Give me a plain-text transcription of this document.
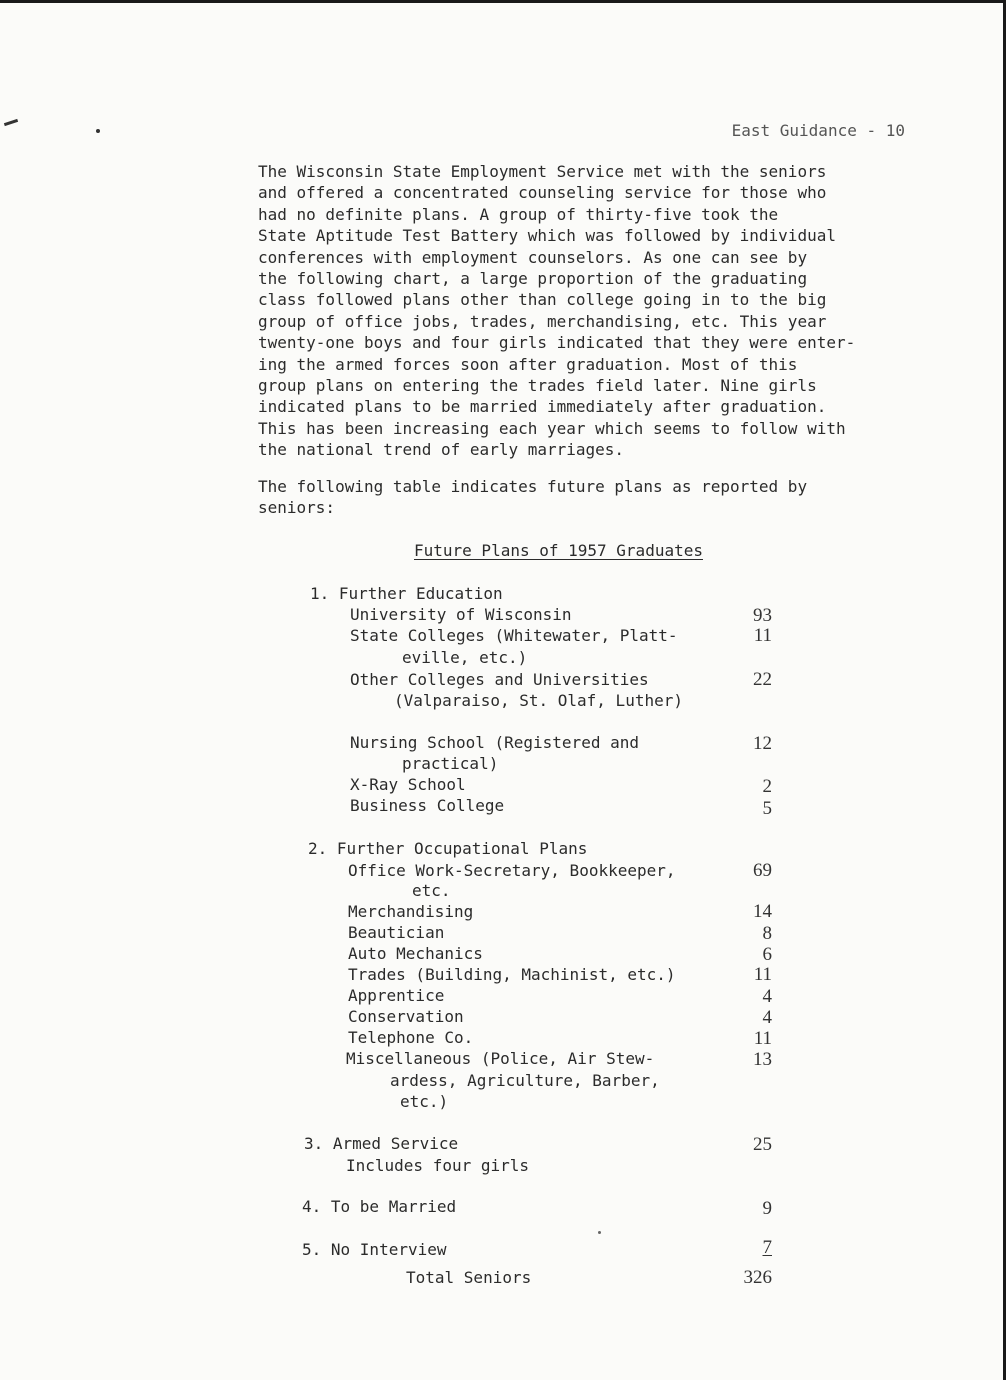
East Guidance - 10
The Wisconsin State Employment Service met with the seniors
and offered a concentrated counseling service for those who
had no definite plans. A group of thirty-five took the
State Aptitude Test Battery which was followed by individual
conferences with employment counselors. As one can see by
the following chart, a large proportion of the graduating
class followed plans other than college going in to the big
group of office jobs, trades, merchandising, etc. This year
twenty-one boys and four girls indicated that they were enter-
ing the armed forces soon after graduation. Most of this
group plans on entering the trades field later. Nine girls
indicated plans to be married immediately after graduation.
This has been increasing each year which seems to follow with
the national trend of early marriages.
The following table indicates future plans as reported by
seniors:
Future Plans of 1957 Graduates
1. Further Education
University of Wisconsin	93
State Colleges (Whitewater, Platt-	11
eville, etc.)
Other Colleges and Universities	22
(Valparaiso, St. Olaf, Luther)
Nursing School (Registered and	12
practical)
X-Ray School	2
Business College	5
2. Further Occupational Plans
Office Work-Secretary, Bookkeeper,	69
etc.
Merchandising	14
Beautician	8
Auto Mechanics	6
Trades (Building, Machinist, etc.)	11
Apprentice	4
Conservation	4
Telephone Co.	11
Miscellaneous (Police, Air Stew-	13
ardess, Agriculture, Barber,
etc.)
3. Armed Service	25
Includes four girls
4. To be Married	9
5. No Interview	7
Total Seniors	326
